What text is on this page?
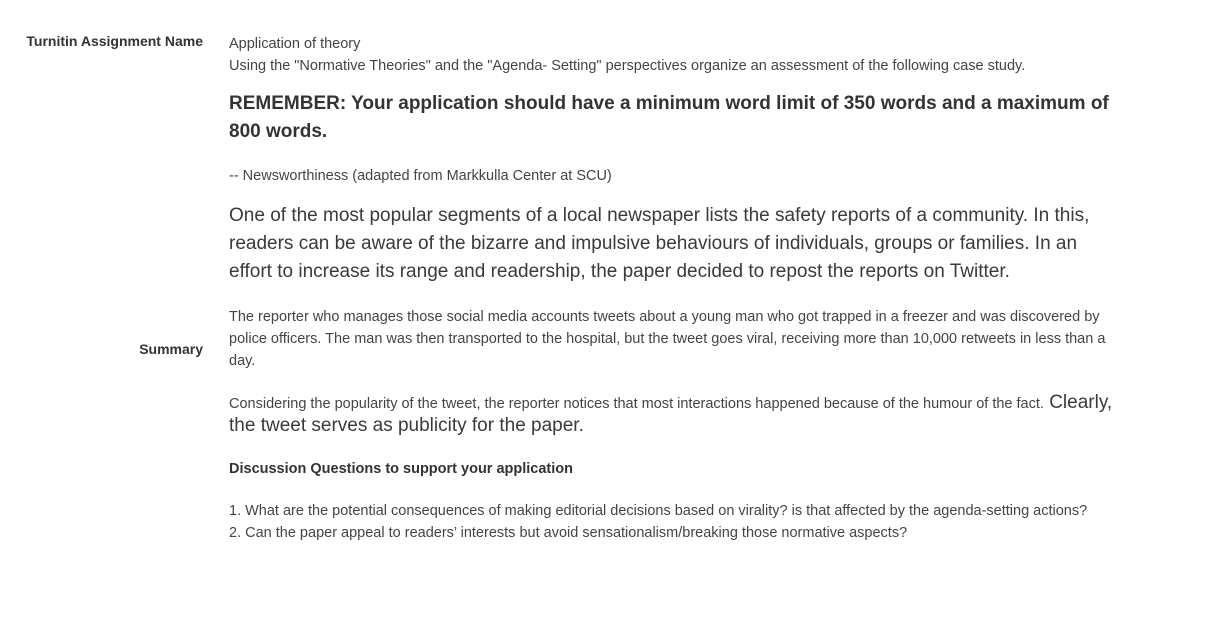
Turnitin Assignment Name
Summary

Application of theory

Using the "Normative Theories" and the "Agenda- Setting" perspectives organize an assessment of the following case study.

REMEMBER: Your application should have a minimum word limit of 350 words and a maximum of 800 words.

-- Newsworthiness (adapted from Markkulla Center at SCU)

One of the most popular segments of a local newspaper lists the safety reports of a community. In this, readers can be aware of the bizarre and impulsive behaviours of individuals, groups or families. In an effort to increase its range and readership, the paper decided to repost the reports on Twitter.

The reporter who manages those social media accounts tweets about a young man who got trapped in a freezer and was discovered by police officers. The man was then transported to the hospital, but the tweet goes viral, receiving more than 10,000 retweets in less than a day.

Considering the popularity of the tweet, the reporter notices that most interactions happened because of the humour of the fact. Clearly, the tweet serves as publicity for the paper.

Discussion Questions to support your application

1. What are the potential consequences of making editorial decisions based on virality? is that affected by the agenda-setting actions?

2. Can the paper appeal to readers’ interests but avoid sensationalism/breaking those normative aspects?
